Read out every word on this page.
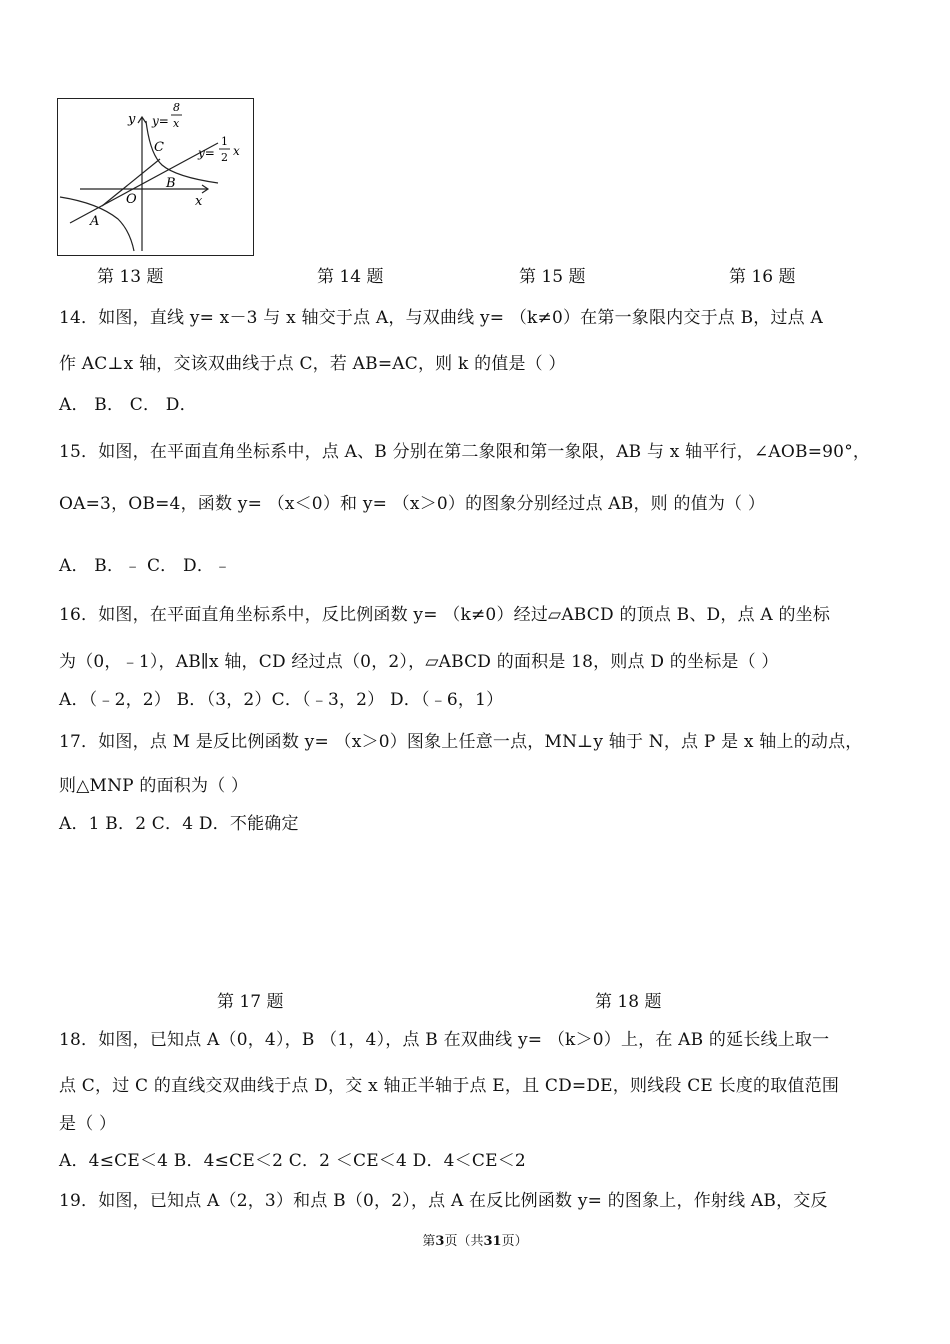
y
x
O
A
B
C
y=
8
x
y=
1
2 x
第 13 题	第 14 题	第 15 题	第 16 题
14．如图，直线 y= x－3 与 x 轴交于点 A，与双曲线 y= （k≠0）在第一象限内交于点 B，过点 A
作 AC⊥x 轴，交该双曲线于点 C，若 AB=AC，则 k 的值是（ ）
A． B． C． D．
15．如图，在平面直角坐标系中，点 A、B 分别在第二象限和第一象限，AB 与 x 轴平行，∠AOB=90°，
OA=3，OB=4，函数 y= （x＜0）和 y= （x＞0）的图象分别经过点 AB，则 的值为（ ）
A． B．﹣ C． D．﹣
16．如图，在平面直角坐标系中，反比例函数 y= （k≠0）经过▱ABCD 的顶点 B、D，点 A 的坐标
为（0，﹣1），AB∥x 轴，CD 经过点（0，2），▱ABCD 的面积是 18，则点 D 的坐标是（ ）
A．（﹣2，2） B．（3，2）C．（﹣3，2） D．（﹣6，1）
17．如图，点 M 是反比例函数 y= （x＞0）图象上任意一点，MN⊥y 轴于 N，点 P 是 x 轴上的动点，
则△MNP 的面积为（ ）
A．1 B．2 C．4 D．不能确定
第 17 题	第 18 题
18．如图，已知点 A（0，4），B （1，4），点 B 在双曲线 y= （k＞0）上，在 AB 的延长线上取一
点 C，过 C 的直线交双曲线于点 D，交 x 轴正半轴于点 E，且 CD=DE，则线段 CE 长度的取值范围
是（ ）
A．4≤CE＜4 B．4≤CE＜2 C．2 ＜CE＜4 D．4＜CE＜2
19．如图，已知点 A（2，3）和点 B（0，2），点 A 在反比例函数 y= 的图象上，作射线 AB，交反
第3页（共31页）
